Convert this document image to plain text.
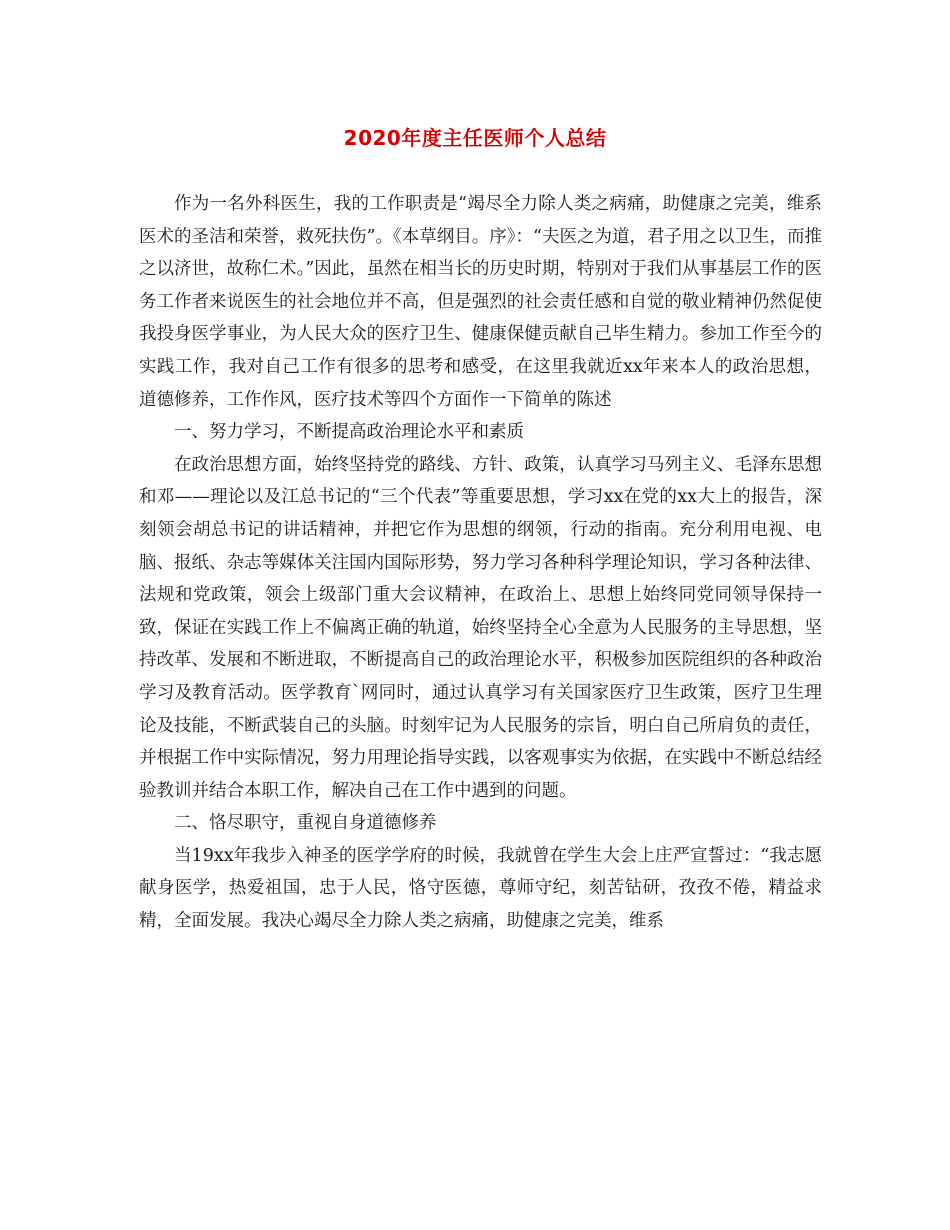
2020年度主任医师个人总结

作为一名外科医生，我的工作职责是“竭尽全力除人类之病痛，助健康之完美，维系医术的圣洁和荣誉，救死扶伤”。《本草纲目。序》：“夫医之为道，君子用之以卫生，而推之以济世，故称仁术。”因此，虽然在相当长的历史时期，特别对于我们从事基层工作的医务工作者来说医生的社会地位并不高，但是强烈的社会责任感和自觉的敬业精神仍然促使我投身医学事业，为人民大众的医疗卫生、健康保健贡献自己毕生精力。参加工作至今的实践工作，我对自己工作有很多的思考和感受，在这里我就近xx年来本人的政治思想，道德修养，工作作风，医疗技术等四个方面作一下简单的陈述

一、努力学习，不断提高政治理论水平和素质

在政治思想方面，始终坚持党的路线、方针、政策，认真学习马列主义、毛泽东思想和邓——理论以及江总书记的“三个代表”等重要思想，学习xx在党的xx大上的报告，深刻领会胡总书记的讲话精神，并把它作为思想的纲领，行动的指南。充分利用电视、电脑、报纸、杂志等媒体关注国内国际形势，努力学习各种科学理论知识，学习各种法律、法规和党政策，领会上级部门重大会议精神，在政治上、思想上始终同党同领导保持一致，保证在实践工作上不偏离正确的轨道，始终坚持全心全意为人民服务的主导思想，坚持改革、发展和不断进取，不断提高自己的政治理论水平，积极参加医院组织的各种政治学习及教育活动。医学教育`网同时，通过认真学习有关国家医疗卫生政策，医疗卫生理论及技能，不断武装自己的头脑。时刻牢记为人民服务的宗旨，明白自己所肩负的责任，并根据工作中实际情况，努力用理论指导实践，以客观事实为依据，在实践中不断总结经验教训并结合本职工作，解决自己在工作中遇到的问题。

二、恪尽职守，重视自身道德修养

当19xx年我步入神圣的医学学府的时候，我就曾在学生大会上庄严宣誓过：“我志愿献身医学，热爱祖国，忠于人民，恪守医德，尊师守纪，刻苦钻研，孜孜不倦，精益求精，全面发展。我决心竭尽全力除人类之病痛，助健康之完美，维系
